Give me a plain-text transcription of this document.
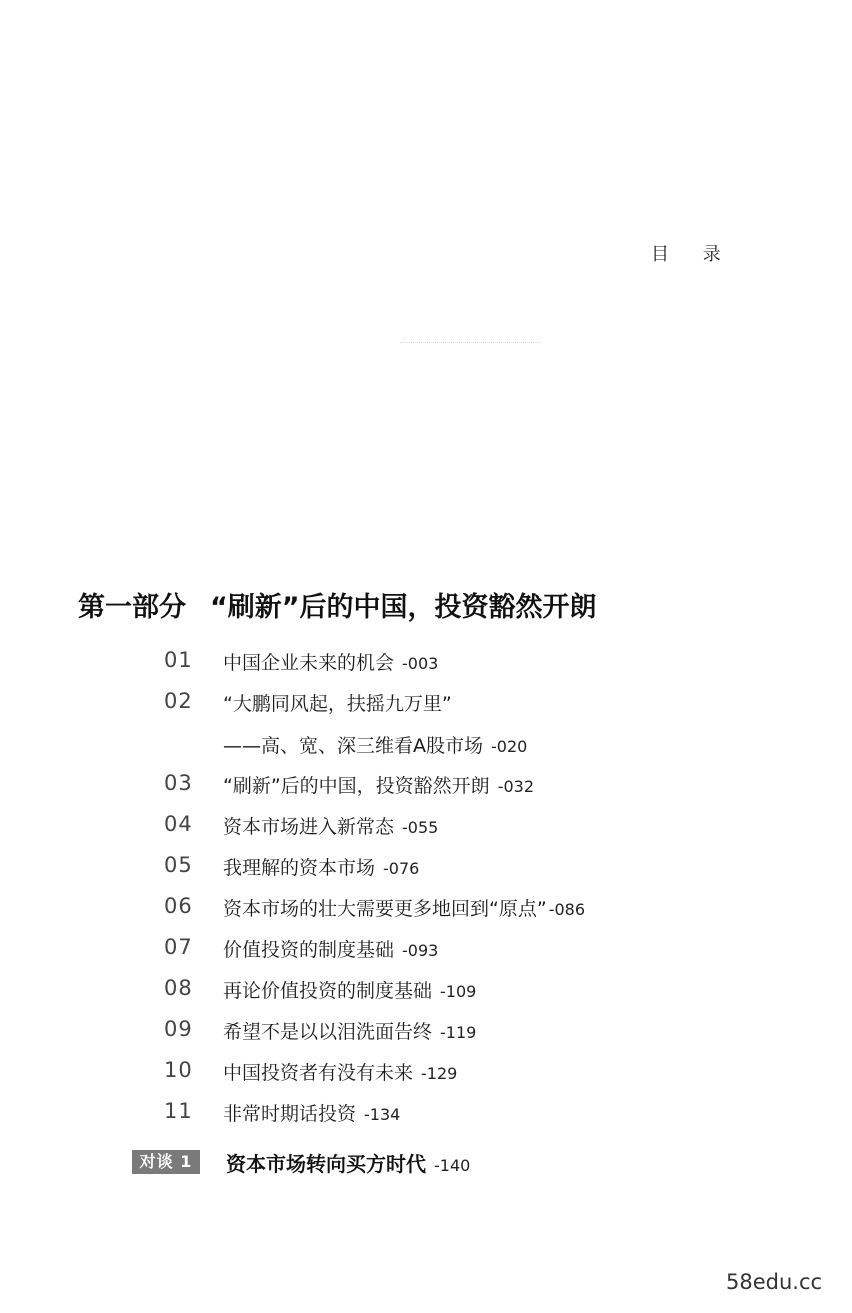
目 录
第一部分 “刷新”后的中国，投资豁然开朗
01 中国企业未来的机会 -003
02 “大鹏同风起，扶摇九万里”
——高、宽、深三维看A股市场 -020
03 “刷新”后的中国，投资豁然开朗 -032
04 资本市场进入新常态 -055
05 我理解的资本市场 -076
06 资本市场的壮大需要更多地回到“原点” -086
07 价值投资的制度基础 -093
08 再论价值投资的制度基础 -109
09 希望不是以以泪洗面告终 -119
10 中国投资者有没有未来 -129
11 非常时期话投资 -134
对谈 1	资本市场转向买方时代 -140
58edu.cc
